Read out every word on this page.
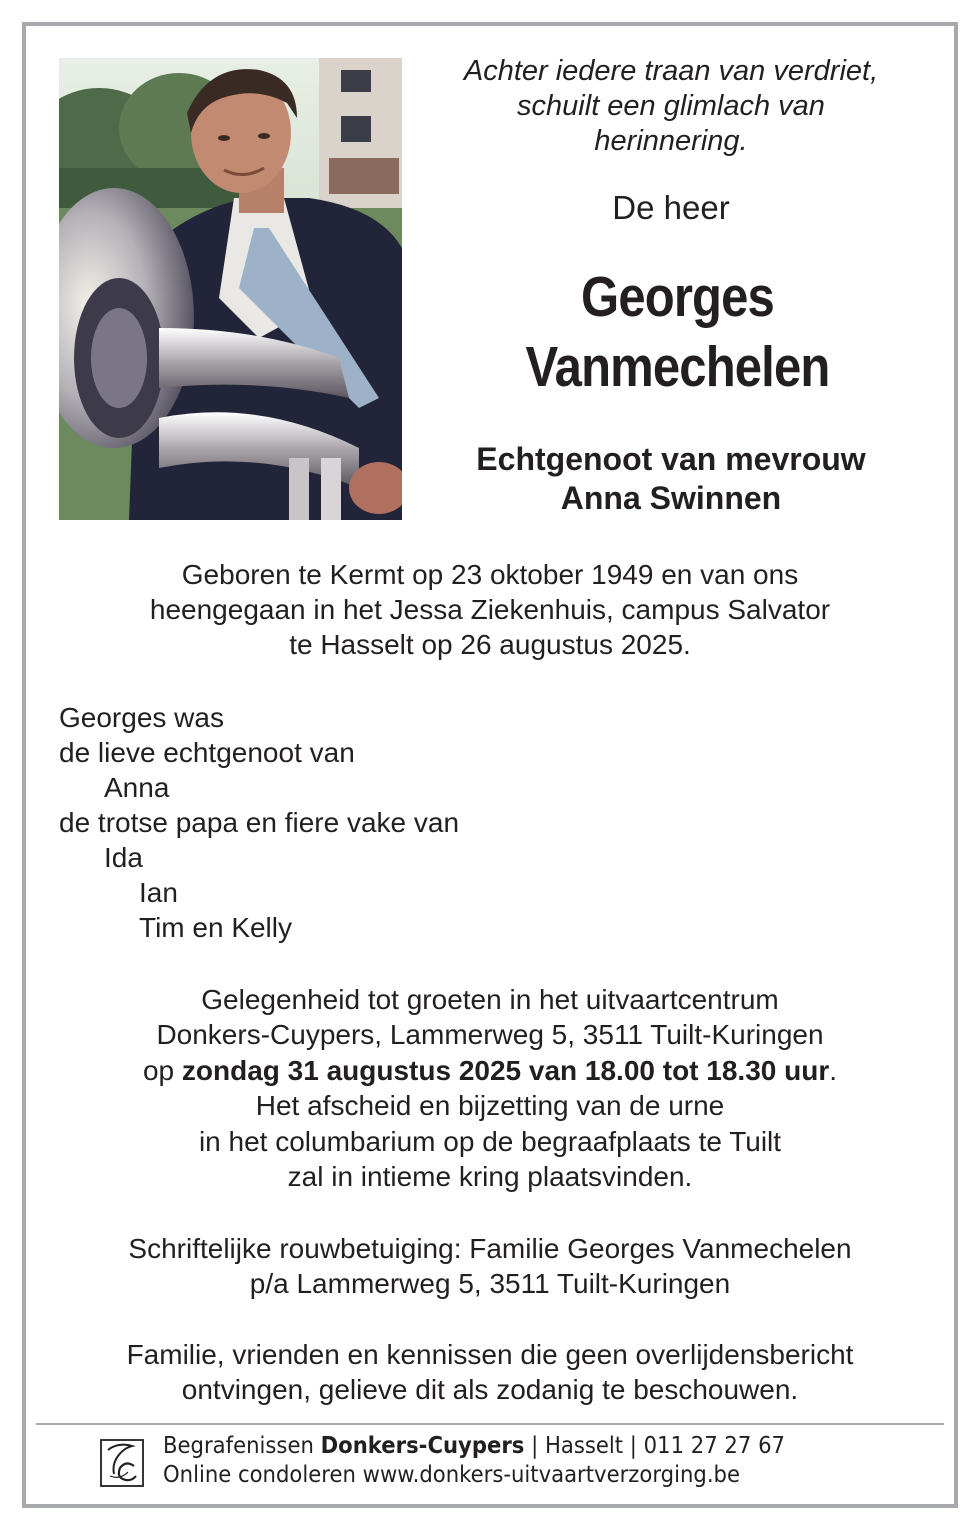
Achter iedere traan van verdriet,
schuilt een glimlach van
herinnering.
De heer
Georges
Vanmechelen
Echtgenoot van mevrouw
Anna Swinnen
Geboren te Kermt op 23 oktober 1949 en van ons
heengegaan in het Jessa Ziekenhuis, campus Salvator
te Hasselt op 26 augustus 2025.
Georges was
de lieve echtgenoot van
Anna
de trotse papa en fiere vake van
Ida
Ian
Tim en Kelly
Gelegenheid tot groeten in het uitvaartcentrum
Donkers-Cuypers, Lammerweg 5, 3511 Tuilt-Kuringen
op zondag 31 augustus 2025 van 18.00 tot 18.30 uur.
Het afscheid en bijzetting van de urne
in het columbarium op de begraafplaats te Tuilt
zal in intieme kring plaatsvinden.
Schriftelijke rouwbetuiging: Familie Georges Vanmechelen
p/a Lammerweg 5, 3511 Tuilt-Kuringen
Familie, vrienden en kennissen die geen overlijdensbericht
ontvingen, gelieve dit als zodanig te beschouwen.
Begrafenissen Donkers-Cuypers | Hasselt | 011 27 27 67
Online condoleren www.donkers-uitvaartverzorging.be
